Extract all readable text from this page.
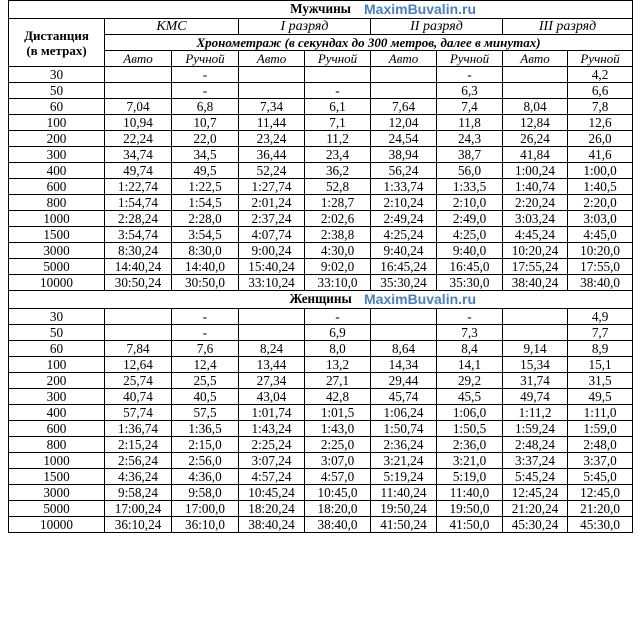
Мужчины MaximBuvalin.ru								

Дистанция
(в метрах)	КМС		I разряд		II разряд		III разряд	
	Хронометраж (в секундах до 300 метров, далее в минутах)							
	Авто	Ручной	Авто	Ручной	Авто	Ручной	Авто	Ручной
30		-				-		4,2
50		-		-		6,3		6,6
60	7,04	6,8	7,34	6,1	7,64	7,4	8,04	7,8
100	10,94	10,7	11,44	7,1	12,04	11,8	12,84	12,6
200	22,24	22,0	23,24	11,2	24,54	24,3	26,24	26,0
300	34,74	34,5	36,44	23,4	38,94	38,7	41,84	41,6
400	49,74	49,5	52,24	36,2	56,24	56,0	1:00,24	1:00,0
600	1:22,74	1:22,5	1:27,74	52,8	1:33,74	1:33,5	1:40,74	1:40,5
800	1:54,74	1:54,5	2:01,24	1:28,7	2:10,24	2:10,0	2:20,24	2:20,0
1000	2:28,24	2:28,0	2:37,24	2:02,6	2:49,24	2:49,0	3:03,24	3:03,0
1500	3:54,74	3:54,5	4:07,74	2:38,8	4:25,24	4:25,0	4:45,24	4:45,0
3000	8:30,24	8:30,0	9:00,24	4:30,0	9:40,24	9:40,0	10:20,24	10:20,0
5000	14:40,24	14:40,0	15:40,24	9:02,0	16:45,24	16:45,0	17:55,24	17:55,0
10000	30:50,24	30:50,0	33:10,24	33:10,0	35:30,24	35:30,0	38:40,24	38:40,0

Женщины MaximBuvalin.ru								

30		-		-		-		4,9
50		-		6,9		7,3		7,7
60	7,84	7,6	8,24	8,0	8,64	8,4	9,14	8,9
100	12,64	12,4	13,44	13,2	14,34	14,1	15,34	15,1
200	25,74	25,5	27,34	27,1	29,44	29,2	31,74	31,5
300	40,74	40,5	43,04	42,8	45,74	45,5	49,74	49,5
400	57,74	57,5	1:01,74	1:01,5	1:06,24	1:06,0	1:11,2	1:11,0
600	1:36,74	1:36,5	1:43,24	1:43,0	1:50,74	1:50,5	1:59,24	1:59,0
800	2:15,24	2:15,0	2:25,24	2:25,0	2:36,24	2:36,0	2:48,24	2:48,0
1000	2:56,24	2:56,0	3:07,24	3:07,0	3:21,24	3:21,0	3:37,24	3:37,0
1500	4:36,24	4:36,0	4:57,24	4:57,0	5:19,24	5:19,0	5:45,24	5:45,0
3000	9:58,24	9:58,0	10:45,24	10:45,0	11:40,24	11:40,0	12:45,24	12:45,0
5000	17:00,24	17:00,0	18:20,24	18:20,0	19:50,24	19:50,0	21:20,24	21:20,0
10000	36:10,24	36:10,0	38:40,24	38:40,0	41:50,24	41:50,0	45:30,24	45:30,0
